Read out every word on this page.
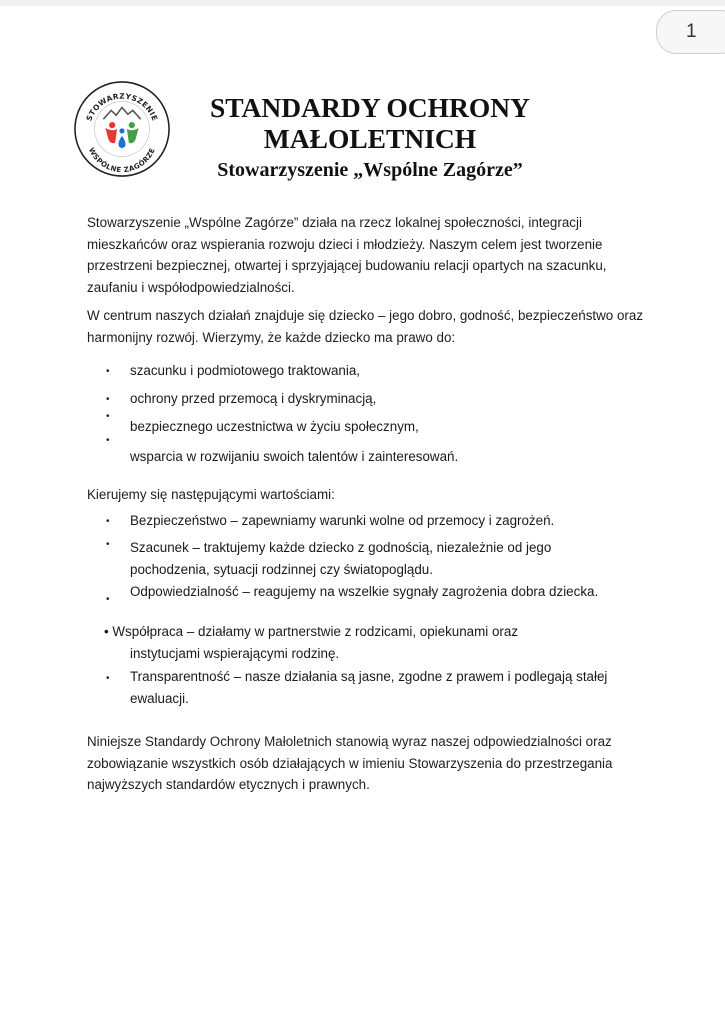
1
STOWARZYSZENIE
WSPÓLNE ZAGÓRZE
STANDARDY OCHRONY
MAŁOLETNICH
Stowarzyszenie „Wspólne Zagórze”

Stowarzyszenie „Wspólne Zagórze” działa na rzecz lokalnej społeczności, integracji mieszkańców oraz wspierania rozwoju dzieci i młodzieży. Naszym celem jest tworzenie przestrzeni bezpiecznej, otwartej i sprzyjającej budowaniu relacji opartych na szacunku, zaufaniu i współodpowiedzialności.

W centrum naszych działań znajduje się dziecko – jego dobro, godność, bezpieczeństwo oraz harmonijny rozwój. Wierzymy, że każde dziecko ma prawo do:

• szacunku i podmiotowego traktowania,
• ochrony przed przemocą i dyskryminacją,
•
•
bezpiecznego uczestnictwa w życiu społecznym,
wsparcia w rozwijaniu swoich talentów i zainteresowań.

Kierujemy się następującymi wartościami:

• Bezpieczeństwo – zapewniamy warunki wolne od przemocy i zagrożeń.
• Szacunek – traktujemy każde dziecko z godnością, niezależnie od jego pochodzenia, sytuacji rodzinnej czy światopoglądu.
•
Odpowiedzialność – reagujemy na wszelkie sygnały zagrożenia dobra dziecka.
• Współpraca – działamy w partnerstwie z rodzicami, opiekunami oraz
instytucjami wspierającymi rodzinę.
• Transparentność – nasze działania są jasne, zgodne z prawem i podlegają stałej ewaluacji.

Niniejsze Standardy Ochrony Małoletnich stanowią wyraz naszej odpowiedzialności oraz zobowiązanie wszystkich osób działających w imieniu Stowarzyszenia do przestrzegania najwyższych standardów etycznych i prawnych.
